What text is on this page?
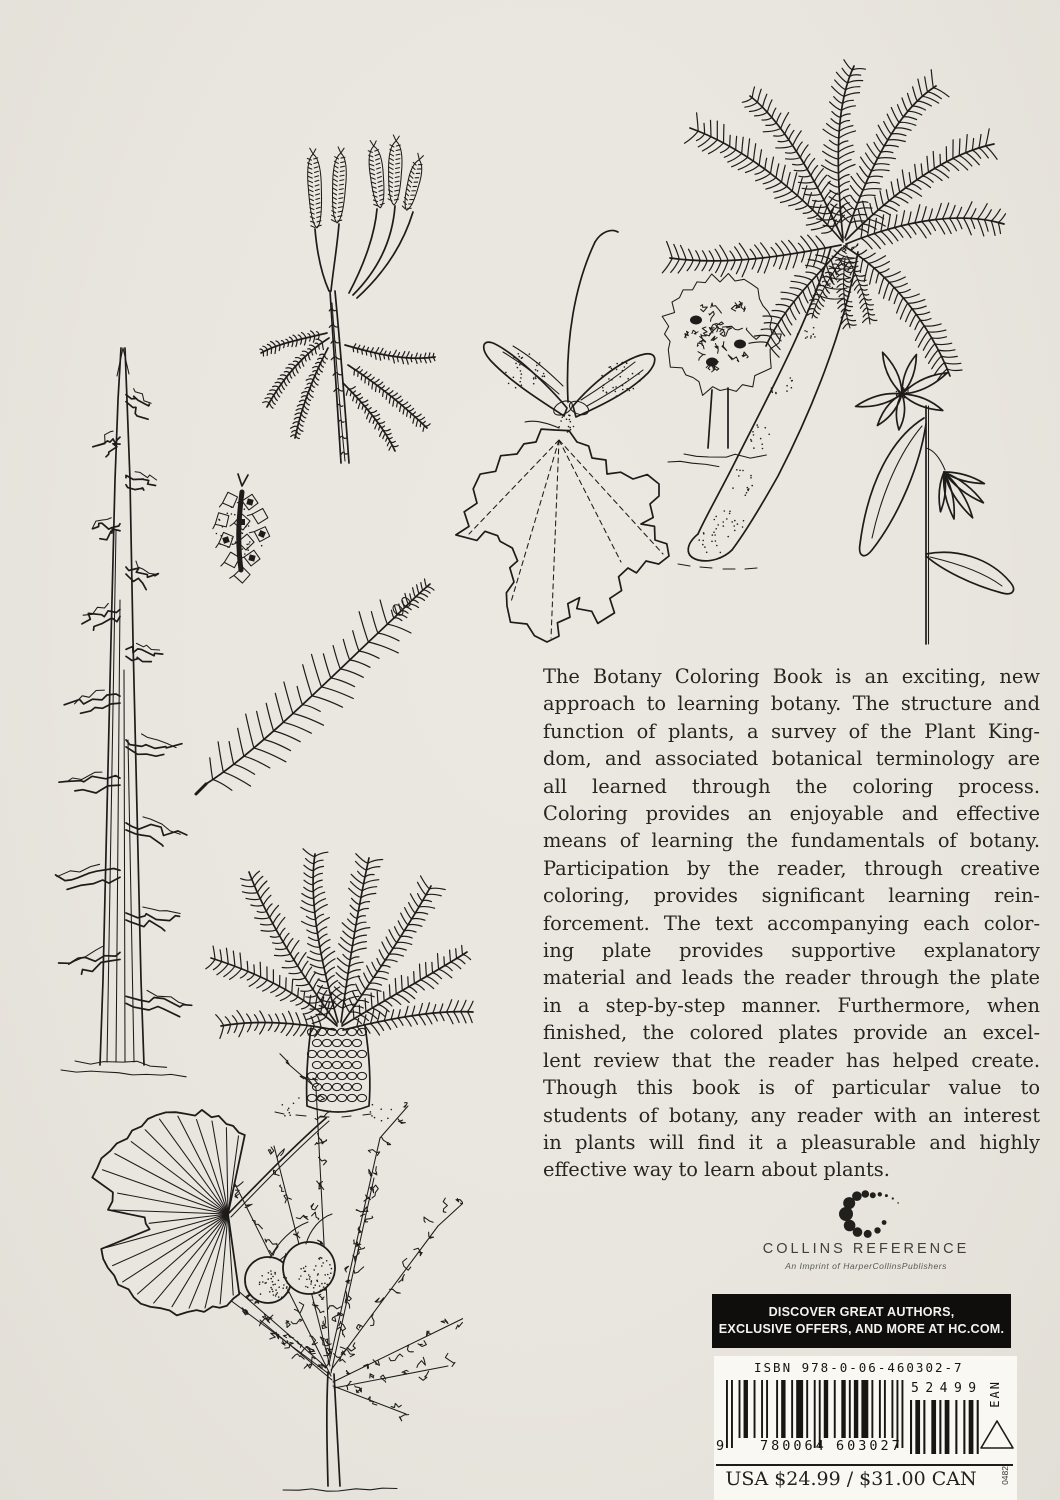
The Botany Coloring Book is an exciting, new
approach to learning botany. The structure and
function of plants, a survey of the Plant King-
dom, and associated botanical terminology are
all learned through the coloring process.
Coloring provides an enjoyable and effective
means of learning the fundamentals of botany.
Participation by the reader, through creative
coloring, provides significant learning rein-
forcement. The text accompanying each color-
ing plate provides supportive explanatory
material and leads the reader through the plate
in a step-by-step manner. Furthermore, when
finished, the colored plates provide an excel-
lent review that the reader has helped create.
Though this book is of particular value to
students of botany, any reader with an interest
in plants will find it a pleasurable and highly
effective way to learn about plants.
COLLINS REFERENCE
An Imprint of HarperCollinsPublishers
DISCOVER GREAT AUTHORS,
EXCLUSIVE OFFERS, AND MORE AT HC.COM.
ISBN 978-0-06-460302-7
9	780064 603027
52499 EAN
USA $24.99 / $31.00 CAN	0482
